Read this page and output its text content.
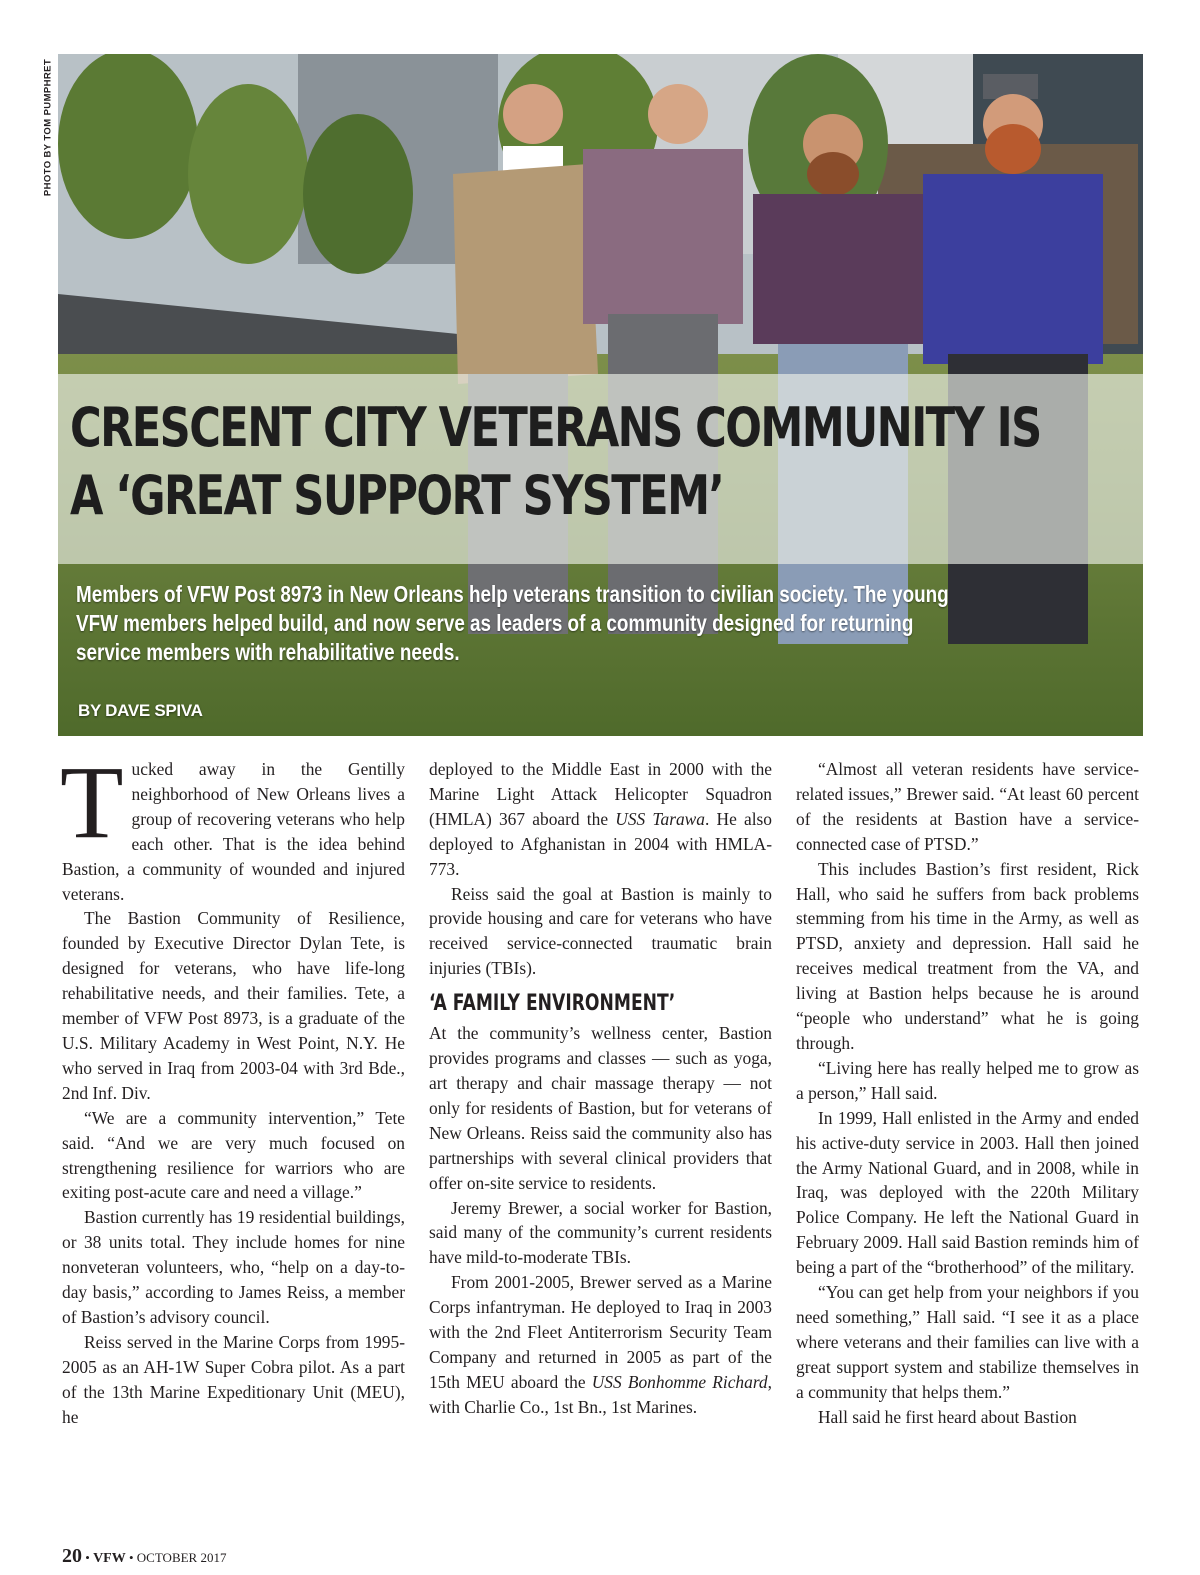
PHOTO BY TOM PUMPHRET
CRESCENT CITY VETERANS COMMUNITY IS
A ‘GREAT SUPPORT SYSTEM’

Members of VFW Post 8973 in New Orleans help veterans transition to civilian society. The young
VFW members helped build, and now serve as leaders of a community designed for returning
service members with rehabilitative needs.

BY DAVE SPIVA

Tucked away in the Gentilly neighborhood of New Orleans lives a group of recovering veterans who help each other. That is the idea behind Bastion, a community of wounded and injured veterans.

The Bastion Community of Resilience, founded by Executive Director Dylan Tete, is designed for veterans, who have life-long rehabilitative needs, and their families. Tete, a member of VFW Post 8973, is a graduate of the U.S. Military Academy in West Point, N.Y. He who served in Iraq from 2003-04 with 3rd Bde., 2nd Inf. Div.

“We are a community intervention,” Tete said. “And we are very much focused on strengthening resilience for warriors who are exiting post-acute care and need a village.”

Bastion currently has 19 residential buildings, or 38 units total. They include homes for nine nonveteran volunteers, who, “help on a day-to-day basis,” according to James Reiss, a member of Bastion’s advisory council.

Reiss served in the Marine Corps from 1995-2005 as an AH-1W Super Cobra pilot. As a part of the 13th Marine Expeditionary Unit (MEU), he

deployed to the Middle East in 2000 with the Marine Light Attack Helicopter Squadron (HMLA) 367 aboard the USS Tarawa. He also deployed to Afghanistan in 2004 with HMLA-773.

Reiss said the goal at Bastion is mainly to provide housing and care for veterans who have received service-connected traumatic brain injuries (TBIs).

‘A FAMILY ENVIRONMENT’

At the community’s wellness center, Bastion provides programs and classes — such as yoga, art therapy and chair massage therapy — not only for residents of Bastion, but for veterans of New Orleans. Reiss said the community also has partnerships with several clinical providers that offer on-site service to residents.

Jeremy Brewer, a social worker for Bastion, said many of the community’s current residents have mild-to-moderate TBIs.

From 2001-2005, Brewer served as a Marine Corps infantryman. He deployed to Iraq in 2003 with the 2nd Fleet Antiterrorism Security Team Company and returned in 2005 as part of the 15th MEU aboard the USS Bonhomme Richard, with Charlie Co., 1st Bn., 1st Marines.

“Almost all veteran residents have service-related issues,” Brewer said. “At least 60 percent of the residents at Bastion have a service-connected case of PTSD.”

This includes Bastion’s first resident, Rick Hall, who said he suffers from back problems stemming from his time in the Army, as well as PTSD, anxiety and depression. Hall said he receives medical treatment from the VA, and living at Bastion helps because he is around “people who understand” what he is going through.

“Living here has really helped me to grow as a person,” Hall said.

In 1999, Hall enlisted in the Army and ended his active-duty service in 2003. Hall then joined the Army National Guard, and in 2008, while in Iraq, was deployed with the 220th Military Police Company. He left the National Guard in February 2009. Hall said Bastion reminds him of being a part of the “brotherhood” of the military.

“You can get help from your neighbors if you need something,” Hall said. “I see it as a place where veterans and their families can live with a great support system and stabilize themselves in a community that helps them.”

Hall said he first heard about Bastion

20 • VFW • OCTOBER 2017
